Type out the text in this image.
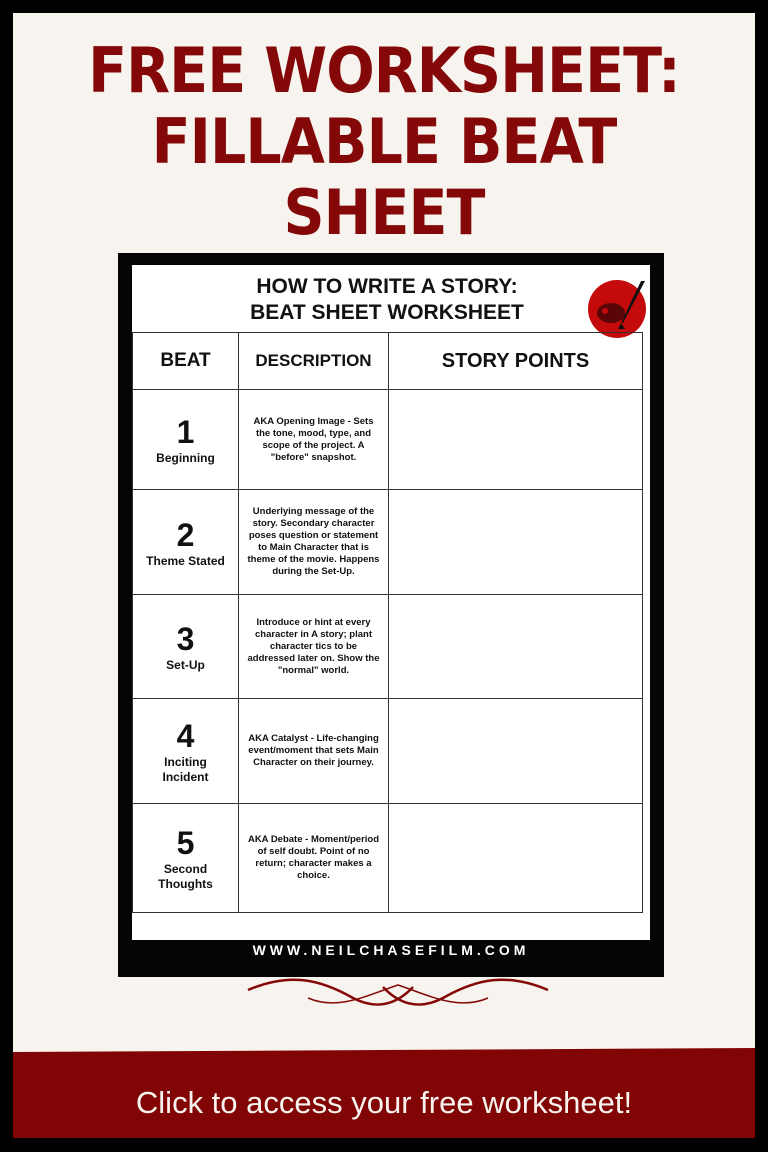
FREE WORKSHEET:
FILLABLE BEAT
SHEET
HOW TO WRITE A STORY:
BEAT SHEET WORKSHEET
BEAT	DESCRIPTION	STORY POINTS

1
Beginning	AKA Opening Image - Sets the tone, mood, type, and scope of the project. A "before" snapshot.	

2
Theme Stated	Underlying message of the story. Secondary character poses question or statement to Main Character that is theme of the movie. Happens during the Set-Up.	

3
Set-Up	Introduce or hint at every character in A story; plant character tics to be addressed later on. Show the "normal" world.	

4
Inciting Incident	AKA Catalyst - Life-changing event/moment that sets Main Character on their journey.	

5
Second Thoughts	AKA Debate - Moment/period of self doubt. Point of no return; character makes a choice.	
WWW.NEILCHASEFILM.COM
Click to access your free worksheet!
